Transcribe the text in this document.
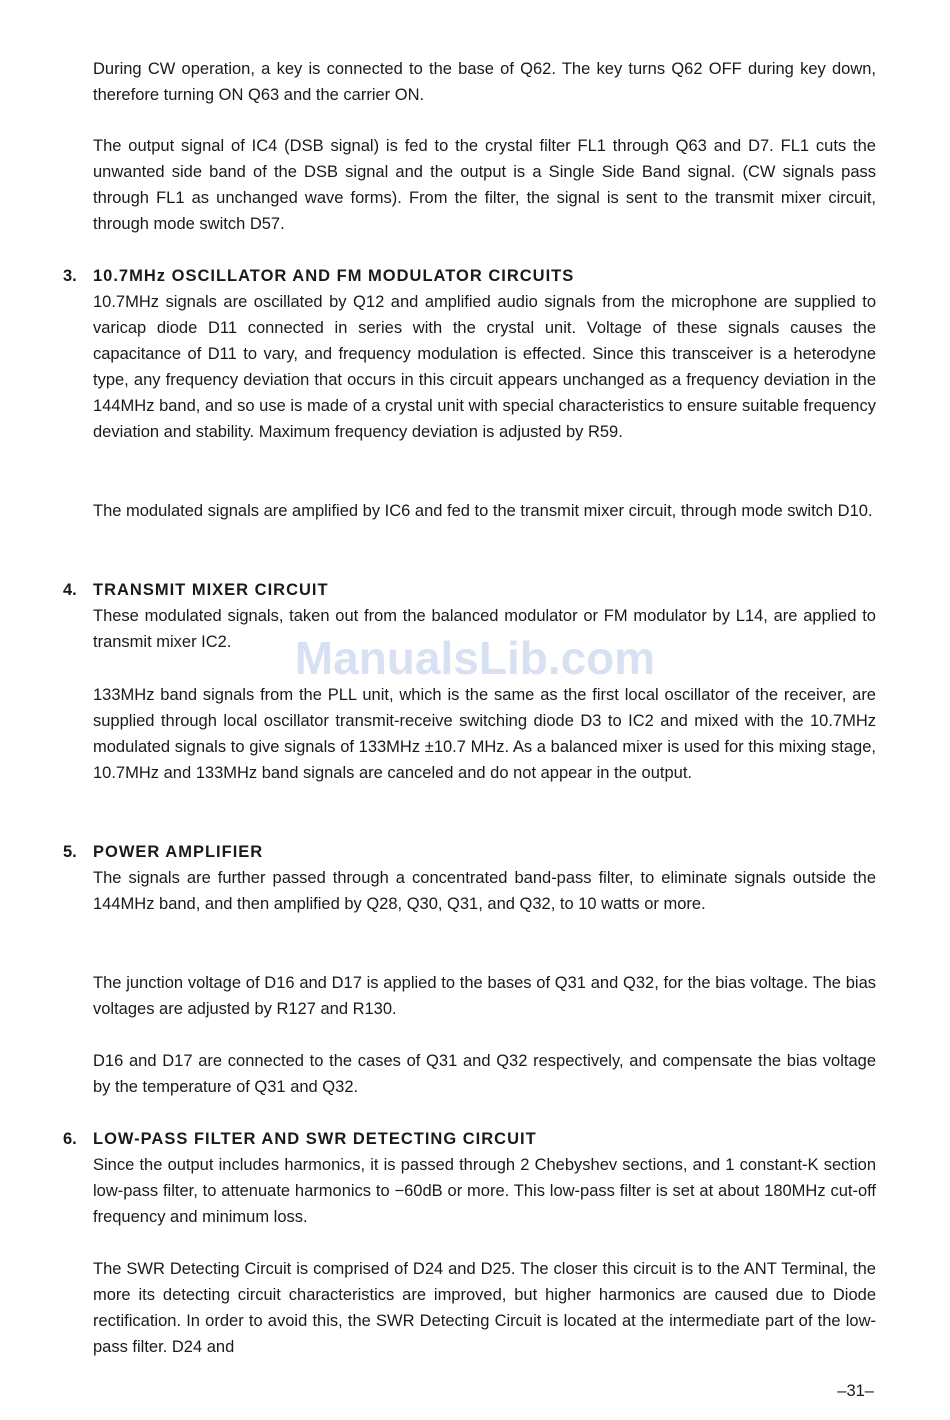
During CW operation, a key is connected to the base of Q62. The key turns Q62 OFF during key down, therefore turning ON Q63 and the carrier ON.

The output signal of IC4 (DSB signal) is fed to the crystal filter FL1 through Q63 and D7. FL1 cuts the unwanted side band of the DSB signal and the output is a Single Side Band signal. (CW signals pass through FL1 as unchanged wave forms). From the filter, the signal is sent to the transmit mixer circuit, through mode switch D57.

3. 10.7MHz OSCILLATOR AND FM MODULATOR CIRCUITS

10.7MHz signals are oscillated by Q12 and amplified audio signals from the microphone are supplied to varicap diode D11 connected in series with the crystal unit. Voltage of these signals causes the capacitance of D11 to vary, and frequency modulation is effected. Since this transceiver is a heterodyne type, any frequency deviation that occurs in this circuit appears unchanged as a frequency deviation in the 144MHz band, and so use is made of a crystal unit with special characteristics to ensure suitable frequency deviation and stability. Maximum frequency deviation is adjusted by R59.

The modulated signals are amplified by IC6 and fed to the transmit mixer circuit, through mode switch D10.

4. TRANSMIT MIXER CIRCUIT

These modulated signals, taken out from the balanced modulator or FM modulator by L14, are applied to transmit mixer IC2.

133MHz band signals from the PLL unit, which is the same as the first local oscillator of the receiver, are supplied through local oscillator transmit-receive switching diode D3 to IC2 and mixed with the 10.7MHz modulated signals to give signals of 133MHz ±10.7 MHz. As a balanced mixer is used for this mixing stage, 10.7MHz and 133MHz band signals are canceled and do not appear in the output.

5. POWER AMPLIFIER

The signals are further passed through a concentrated band-pass filter, to eliminate signals outside the 144MHz band, and then amplified by Q28, Q30, Q31, and Q32, to 10 watts or more.

The junction voltage of D16 and D17 is applied to the bases of Q31 and Q32, for the bias voltage. The bias voltages are adjusted by R127 and R130.

D16 and D17 are connected to the cases of Q31 and Q32 respectively, and compensate the bias voltage by the temperature of Q31 and Q32.

6. LOW-PASS FILTER AND SWR DETECTING CIRCUIT

Since the output includes harmonics, it is passed through 2 Chebyshev sections, and 1 constant-K section low-pass filter, to attenuate harmonics to −60dB or more. This low-pass filter is set at about 180MHz cut-off frequency and minimum loss.

The SWR Detecting Circuit is comprised of D24 and D25. The closer this circuit is to the ANT Terminal, the more its detecting circuit characteristics are improved, but higher harmonics are caused due to Diode rectification. In order to avoid this, the SWR Detecting Circuit is located at the intermediate part of the low-pass filter. D24 and

ManualsLib.com
–31–
